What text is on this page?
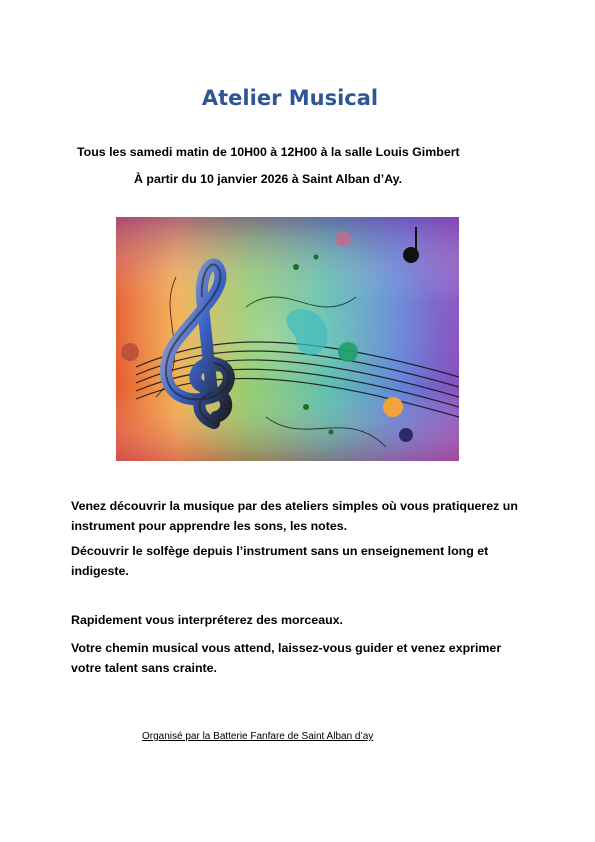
Atelier Musical
Tous les samedi matin de 10H00 à 12H00 à la salle Louis Gimbert
À partir du 10 janvier 2026 à Saint Alban d’Ay.
Venez découvrir la musique par des ateliers simples où vous pratiquerez un instrument pour apprendre les sons, les notes.
Découvrir le solfège depuis l’instrument sans un enseignement long et indigeste.
Rapidement vous interpréterez des morceaux.
Votre chemin musical vous attend, laissez-vous guider et venez exprimer votre talent sans crainte.
Organisé par la Batterie Fanfare de Saint Alban d’ay
